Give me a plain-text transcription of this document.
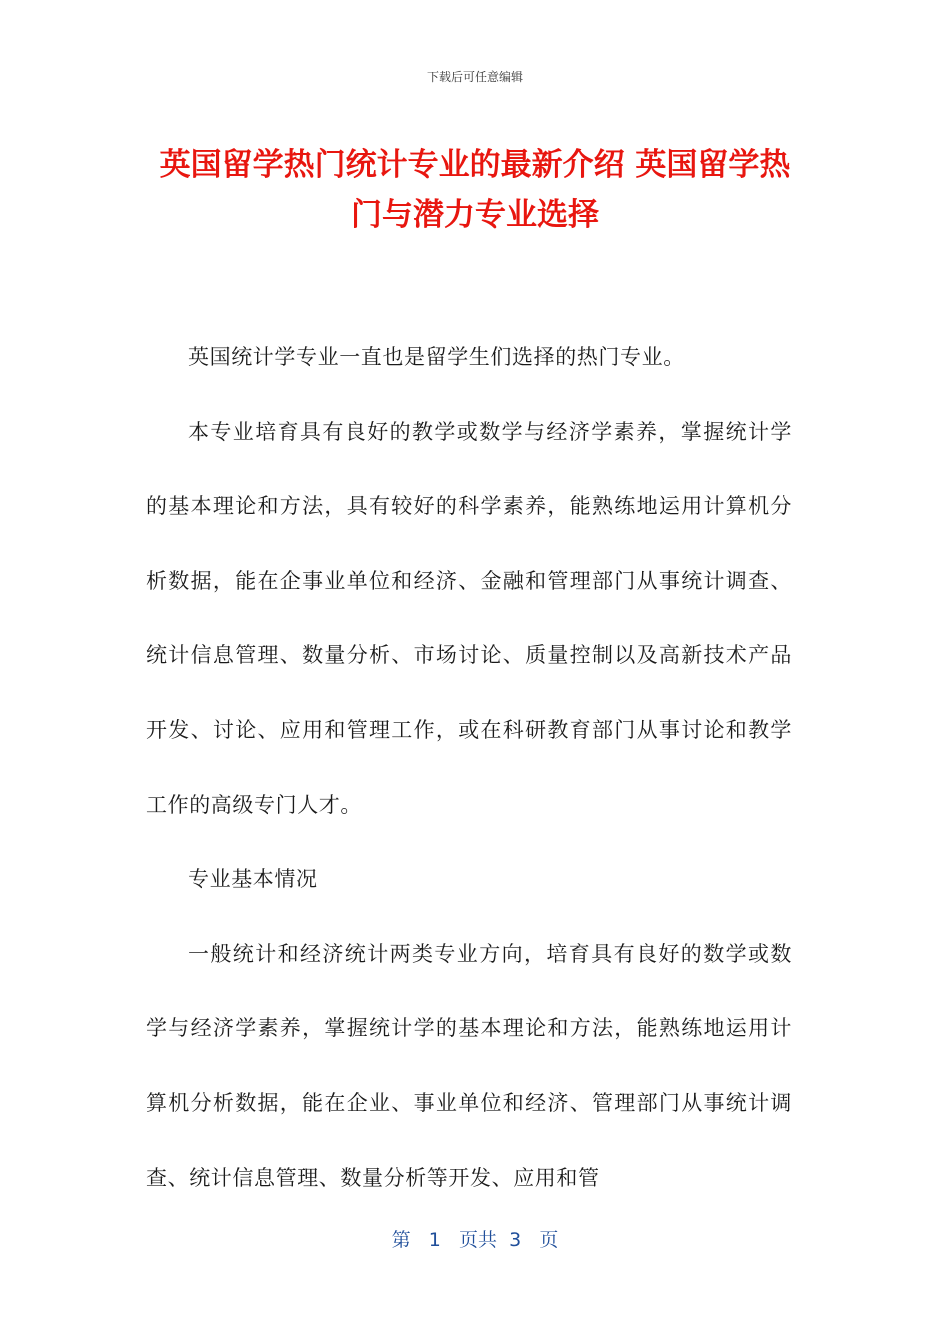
下载后可任意编辑
英国留学热门统计专业的最新介绍 英国留学热门与潜力专业选择

英国统计学专业一直也是留学生们选择的热门专业。

本专业培育具有良好的教学或数学与经济学素养，掌握统计学的基本理论和方法，具有较好的科学素养，能熟练地运用计算机分析数据，能在企事业单位和经济、金融和管理部门从事统计调查、统计信息管理、数量分析、市场讨论、质量控制以及高新技术产品开发、讨论、应用和管理工作，或在科研教育部门从事讨论和教学工作的高级专门人才。

专业基本情况

一般统计和经济统计两类专业方向，培育具有良好的数学或数学与经济学素养，掌握统计学的基本理论和方法，能熟练地运用计算机分析数据，能在企业、事业单位和经济、管理部门从事统计调查、统计信息管理、数量分析等开发、应用和管

第 1 页共 3 页
